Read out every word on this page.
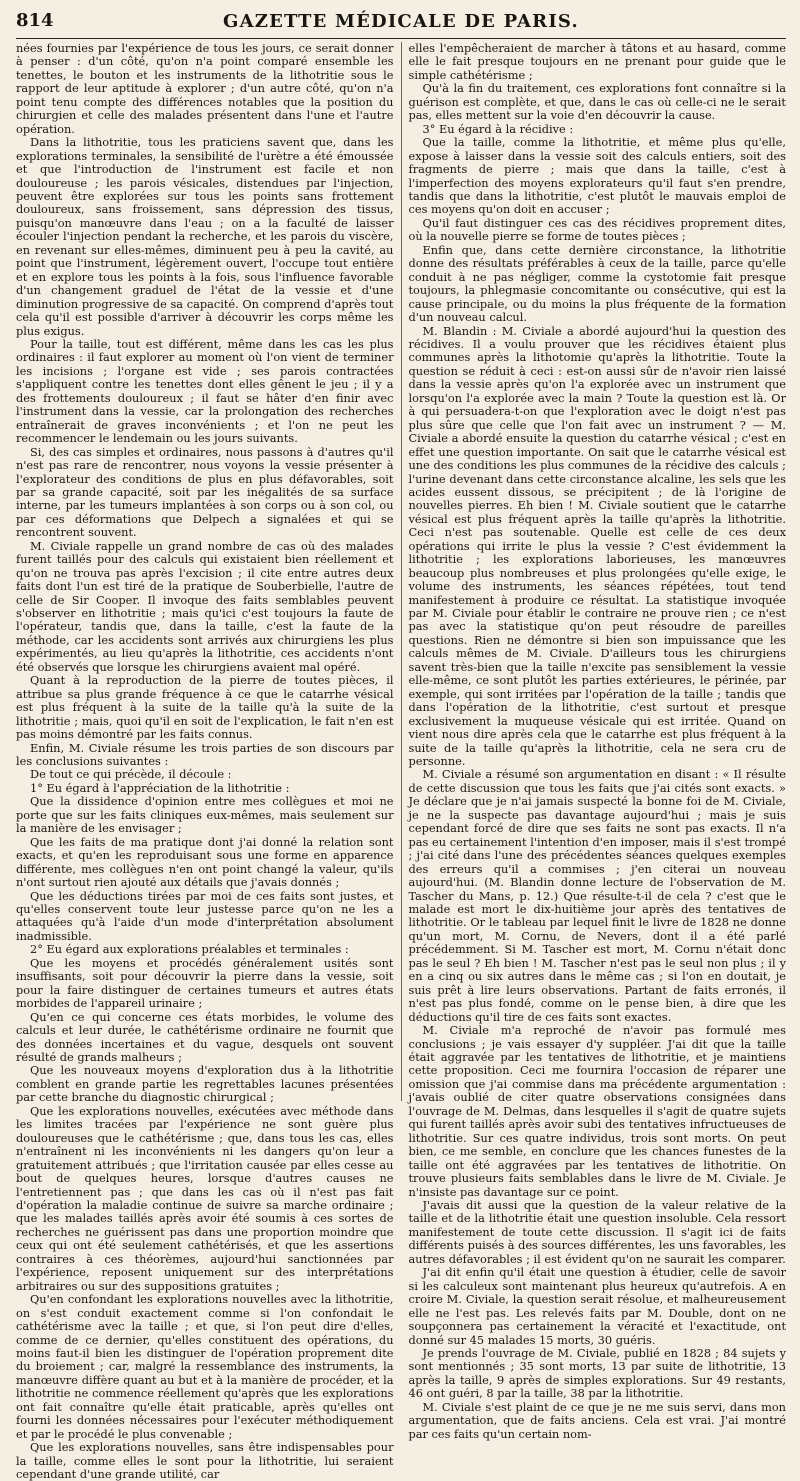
814	GAZETTE MÉDICALE DE PARIS.

nées fournies par l'expérience de tous les jours, ce serait donner à penser : d'un côté, qu'on n'a point comparé ensemble les tenettes, le bouton et les instruments de la lithotritie sous le rapport de leur aptitude à explorer ; d'un autre côté, qu'on n'a point tenu compte des différences notables que la position du chirurgien et celle des malades présentent dans l'une et l'autre opération.

Dans la lithotritie, tous les praticiens savent que, dans les explorations terminales, la sensibilité de l'urètre a été émoussée et que l'introduction de l'instrument est facile et non douloureuse ; les parois vésicales, distendues par l'injection, peuvent être explorées sur tous les points sans frottement douloureux, sans froissement, sans dépression des tissus, puisqu'on manœuvre dans l'eau ; on a la faculté de laisser écouler l'injection pendant la recherche, et les parois du viscère, en revenant sur elles-mêmes, diminuent peu à peu la cavité, au point que l'instrument, légèrement ouvert, l'occupe tout entière et en explore tous les points à la fois, sous l'influence favorable d'un changement graduel de l'état de la vessie et d'une diminution progressive de sa capacité. On comprend d'après tout cela qu'il est possible d'arriver à découvrir les corps même les plus exigus.

Pour la taille, tout est différent, même dans les cas les plus ordinaires : il faut explorer au moment où l'on vient de terminer les incisions ; l'organe est vide ; ses parois contractées s'appliquent contre les tenettes dont elles gênent le jeu ; il y a des frottements douloureux ; il faut se hâter d'en finir avec l'instrument dans la vessie, car la prolongation des recherches entraînerait de graves inconvénients ; et l'on ne peut les recommencer le lendemain ou les jours suivants.

Si, des cas simples et ordinaires, nous passons à d'autres qu'il n'est pas rare de rencontrer, nous voyons la vessie présenter à l'explorateur des conditions de plus en plus défavorables, soit par sa grande capacité, soit par les inégalités de sa surface interne, par les tumeurs implantées à son corps ou à son col, ou par ces déformations que Delpech a signalées et qui se rencontrent souvent.

M. Civiale rappelle un grand nombre de cas où des malades furent taillés pour des calculs qui existaient bien réellement et qu'on ne trouva pas après l'excision ; il cite entre autres deux faits dont l'un est tiré de la pratique de Souberbielle, l'autre de celle de Sir Cooper. Il invoque des faits semblables peuvent s'observer en lithotritie ; mais qu'ici c'est toujours la faute de l'opérateur, tandis que, dans la taille, c'est la faute de la méthode, car les accidents sont arrivés aux chirurgiens les plus expérimentés, au lieu qu'après la lithotritie, ces accidents n'ont été observés que lorsque les chirurgiens avaient mal opéré.

Quant à la reproduction de la pierre de toutes pièces, il attribue sa plus grande fréquence à ce que le catarrhe vésical est plus fréquent à la suite de la taille qu'à la suite de la lithotritie ; mais, quoi qu'il en soit de l'explication, le fait n'en est pas moins démontré par les faits connus.

Enfin, M. Civiale résume les trois parties de son discours par les conclusions suivantes :

De tout ce qui précède, il découle :

1° Eu égard à l'appréciation de la lithotritie :

Que la dissidence d'opinion entre mes collègues et moi ne porte que sur les faits cliniques eux-mêmes, mais seulement sur la manière de les envisager ;

Que les faits de ma pratique dont j'ai donné la relation sont exacts, et qu'en les reproduisant sous une forme en apparence différente, mes collègues n'en ont point changé la valeur, qu'ils n'ont surtout rien ajouté aux détails que j'avais donnés ;

Que les déductions tirées par moi de ces faits sont justes, et qu'elles conservent toute leur justesse parce qu'on ne les a attaquées qu'à l'aide d'un mode d'interprétation absolument inadmissible.

2° Eu égard aux explorations préalables et terminales :

Que les moyens et procédés généralement usités sont insuffisants, soit pour découvrir la pierre dans la vessie, soit pour la faire distinguer de certaines tumeurs et autres états morbides de l'appareil urinaire ;

Qu'en ce qui concerne ces états morbides, le volume des calculs et leur durée, le cathétérisme ordinaire ne fournit que des données incertaines et du vague, desquels ont souvent résulté de grands malheurs ;

Que les nouveaux moyens d'exploration dus à la lithotritie comblent en grande partie les regrettables lacunes présentées par cette branche du diagnostic chirurgical ;

Que les explorations nouvelles, exécutées avec méthode dans les limites tracées par l'expérience ne sont guère plus douloureuses que le cathétérisme ; que, dans tous les cas, elles n'entraînent ni les inconvénients ni les dangers qu'on leur a gratuitement attribués ; que l'irritation causée par elles cesse au bout de quelques heures, lorsque d'autres causes ne l'entretiennent pas ; que dans les cas où il n'est pas fait d'opération la maladie continue de suivre sa marche ordinaire ; que les malades taillés après avoir été soumis à ces sortes de recherches ne guérissent pas dans une proportion moindre que ceux qui ont été seulement cathétérisés, et que les assertions contraires à ces théorèmes, aujourd'hui sanctionnées par l'expérience, reposent uniquement sur des interprétations arbitraires ou sur des suppositions gratuites ;

Qu'en confondant les explorations nouvelles avec la lithotritie, on s'est conduit exactement comme si l'on confondait le cathétérisme avec la taille ; et que, si l'on peut dire d'elles, comme de ce dernier, qu'elles constituent des opérations, du moins faut-il bien les distinguer de l'opération proprement dite du broiement ; car, malgré la ressemblance des instruments, la manœuvre diffère quant au but et à la manière de procéder, et la lithotritie ne commence réellement qu'après que les explorations ont fait connaître qu'elle était praticable, après qu'elles ont fourni les données nécessaires pour l'exécuter méthodiquement et par le procédé le plus convenable ;

Que les explorations nouvelles, sans être indispensables pour la taille, comme elles le sont pour la lithotritie, lui seraient cependant d'une grande utilité, car

elles l'empêcheraient de marcher à tâtons et au hasard, comme elle le fait presque toujours en ne prenant pour guide que le simple cathétérisme ;

Qu'à la fin du traitement, ces explorations font connaître si la guérison est complète, et que, dans le cas où celle-ci ne le serait pas, elles mettent sur la voie d'en découvrir la cause.

3° Eu égard à la récidive :

Que la taille, comme la lithotritie, et même plus qu'elle, expose à laisser dans la vessie soit des calculs entiers, soit des fragments de pierre ; mais que dans la taille, c'est à l'imperfection des moyens explorateurs qu'il faut s'en prendre, tandis que dans la lithotritie, c'est plutôt le mauvais emploi de ces moyens qu'on doit en accuser ;

Qu'il faut distinguer ces cas des récidives proprement dites, où la nouvelle pierre se forme de toutes pièces ;

Enfin que, dans cette dernière circonstance, la lithotritie donne des résultats préférables à ceux de la taille, parce qu'elle conduit à ne pas négliger, comme la cystotomie fait presque toujours, la phlegmasie concomitante ou consécutive, qui est la cause principale, ou du moins la plus fréquente de la formation d'un nouveau calcul.

M. Blandin : M. Civiale a abordé aujourd'hui la question des récidives. Il a voulu prouver que les récidives étaient plus communes après la lithotomie qu'après la lithotritie. Toute la question se réduit à ceci : est-on aussi sûr de n'avoir rien laissé dans la vessie après qu'on l'a explorée avec un instrument que lorsqu'on l'a explorée avec la main ? Toute la question est là. Or à qui persuadera-t-on que l'exploration avec le doigt n'est pas plus sûre que celle que l'on fait avec un instrument ? — M. Civiale a abordé ensuite la question du catarrhe vésical ; c'est en effet une question importante. On sait que le catarrhe vésical est une des conditions les plus communes de la récidive des calculs ; l'urine devenant dans cette circonstance alcaline, les sels que les acides eussent dissous, se précipitent ; de là l'origine de nouvelles pierres. Eh bien ! M. Civiale soutient que le catarrhe vésical est plus fréquent après la taille qu'après la lithotritie. Ceci n'est pas soutenable. Quelle est celle de ces deux opérations qui irrite le plus la vessie ? C'est évidemment la lithotritie ; les explorations laborieuses, les manœuvres beaucoup plus nombreuses et plus prolongées qu'elle exige, le volume des instruments, les séances répétées, tout tend manifestement à produire ce résultat. La statistique invoquée par M. Civiale pour établir le contraire ne prouve rien ; ce n'est pas avec la statistique qu'on peut résoudre de pareilles questions. Rien ne démontre si bien son impuissance que les calculs mêmes de M. Civiale. D'ailleurs tous les chirurgiens savent très-bien que la taille n'excite pas sensiblement la vessie elle-même, ce sont plutôt les parties extérieures, le périnée, par exemple, qui sont irritées par l'opération de la taille ; tandis que dans l'opération de la lithotritie, c'est surtout et presque exclusivement la muqueuse vésicale qui est irritée. Quand on vient nous dire après cela que le catarrhe est plus fréquent à la suite de la taille qu'après la lithotritie, cela ne sera cru de personne.

M. Civiale a résumé son argumentation en disant : « Il résulte de cette discussion que tous les faits que j'ai cités sont exacts. » Je déclare que je n'ai jamais suspecté la bonne foi de M. Civiale, je ne la suspecte pas davantage aujourd'hui ; mais je suis cependant forcé de dire que ses faits ne sont pas exacts. Il n'a pas eu certainement l'intention d'en imposer, mais il s'est trompé ; j'ai cité dans l'une des précédentes séances quelques exemples des erreurs qu'il a commises ; j'en citerai un nouveau aujourd'hui. (M. Blandin donne lecture de l'observation de M. Tascher du Mans, p. 12.) Que résulte-t-il de cela ? c'est que le malade est mort le dix-huitième jour après des tentatives de lithotritie. Or le tableau par lequel finit le livre de 1828 ne donne qu'un mort, M. Cornu, de Nevers, dont il a été parlé précédemment. Si M. Tascher est mort, M. Cornu n'était donc pas le seul ? Eh bien ! M. Tascher n'est pas le seul non plus ; il y en a cinq ou six autres dans le même cas ; si l'on en doutait, je suis prêt à lire leurs observations. Partant de faits erronés, il n'est pas plus fondé, comme on le pense bien, à dire que les déductions qu'il tire de ces faits sont exactes.

M. Civiale m'a reproché de n'avoir pas formulé mes conclusions ; je vais essayer d'y suppléer. J'ai dit que la taille était aggravée par les tentatives de lithotritie, et je maintiens cette proposition. Ceci me fournira l'occasion de réparer une omission que j'ai commise dans ma précédente argumentation : j'avais oublié de citer quatre observations consignées dans l'ouvrage de M. Delmas, dans lesquelles il s'agit de quatre sujets qui furent taillés après avoir subi des tentatives infructueuses de lithotritie. Sur ces quatre individus, trois sont morts. On peut bien, ce me semble, en conclure que les chances funestes de la taille ont été aggravées par les tentatives de lithotritie. On trouve plusieurs faits semblables dans le livre de M. Civiale. Je n'insiste pas davantage sur ce point.

J'avais dit aussi que la question de la valeur relative de la taille et de la lithotritie était une question insoluble. Cela ressort manifestement de toute cette discussion. Il s'agit ici de faits différents puisés à des sources différentes, les uns favorables, les autres défavorables ; il est évident qu'on ne saurait les comparer.

J'ai dit enfin qu'il était une question à étudier, celle de savoir si les calculeux sont maintenant plus heureux qu'autrefois. A en croire M. Civiale, la question serait résolue, et malheureusement elle ne l'est pas. Les relevés faits par M. Double, dont on ne soupçonnera pas certainement la véracité et l'exactitude, ont donné sur 45 malades 15 morts, 30 guéris.

Je prends l'ouvrage de M. Civiale, publié en 1828 ; 84 sujets y sont mentionnés ; 35 sont morts, 13 par suite de lithotritie, 13 après la taille, 9 après de simples explorations. Sur 49 restants, 46 ont guéri, 8 par la taille, 38 par la lithotritie.

M. Civiale s'est plaint de ce que je ne me suis servi, dans mon argumentation, que de faits anciens. Cela est vrai. J'ai montré par ces faits qu'un certain nom-
